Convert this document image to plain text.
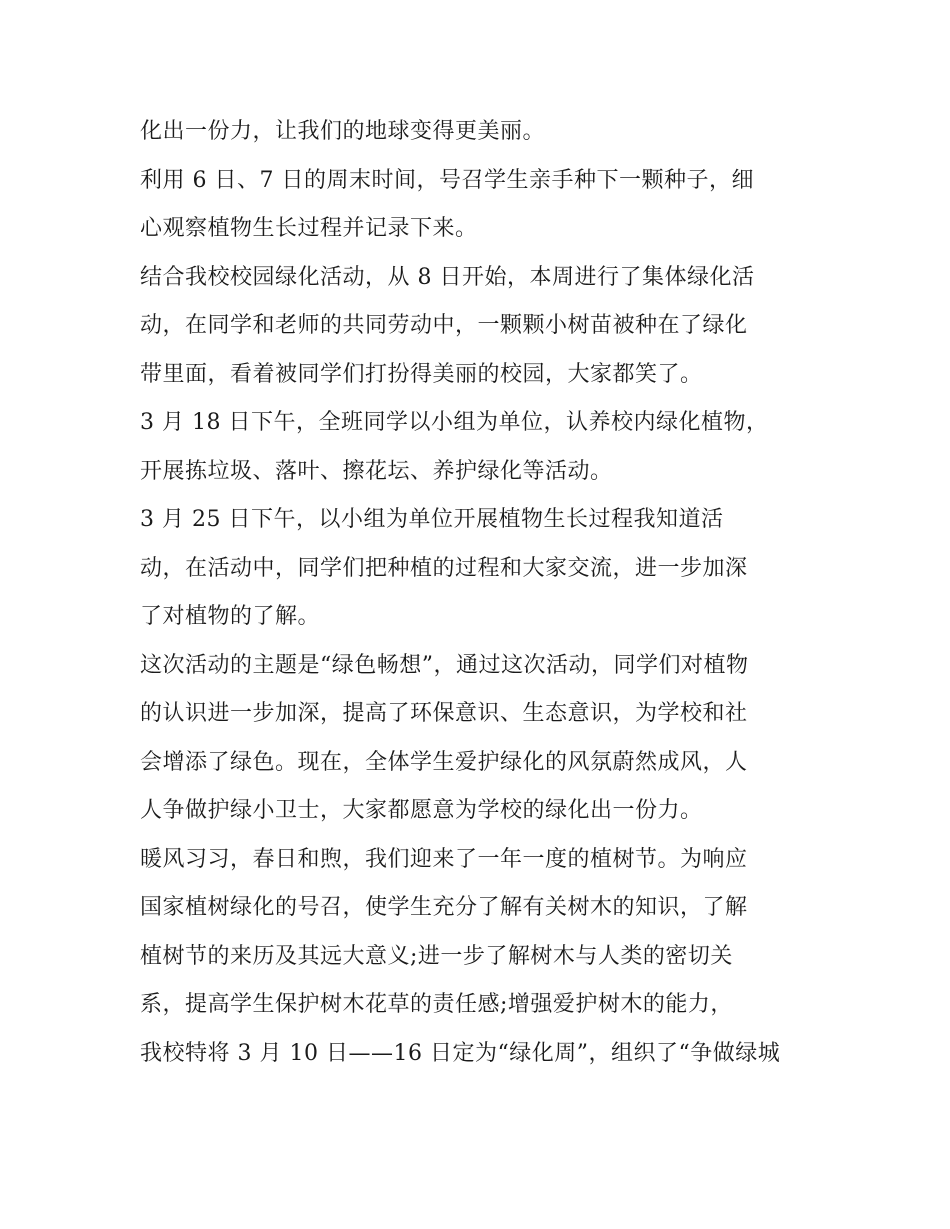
化出一份力，让我们的地球变得更美丽。
利用 6 日、7 日的周末时间，号召学生亲手种下一颗种子，细
心观察植物生长过程并记录下来。
结合我校校园绿化活动，从 8 日开始，本周进行了集体绿化活
动，在同学和老师的共同劳动中，一颗颗小树苗被种在了绿化
带里面，看着被同学们打扮得美丽的校园，大家都笑了。
3 月 18 日下午，全班同学以小组为单位，认养校内绿化植物，
开展拣垃圾、落叶、擦花坛、养护绿化等活动。
3 月 25 日下午，以小组为单位开展植物生长过程我知道活
动，在活动中，同学们把种植的过程和大家交流，进一步加深
了对植物的了解。
这次活动的主题是“绿色畅想”，通过这次活动，同学们对植物
的认识进一步加深，提高了环保意识、生态意识，为学校和社
会增添了绿色。现在，全体学生爱护绿化的风氛蔚然成风，人
人争做护绿小卫士，大家都愿意为学校的绿化出一份力。
暖风习习，春日和煦，我们迎来了一年一度的植树节。为响应
国家植树绿化的号召，使学生充分了解有关树木的知识，了解
植树节的来历及其远大意义;进一步了解树木与人类的密切关
系，提高学生保护树木花草的责任感;增强爱护树木的能力，
我校特将 3 月 10 日——16 日定为“绿化周”，组织了“争做绿城
